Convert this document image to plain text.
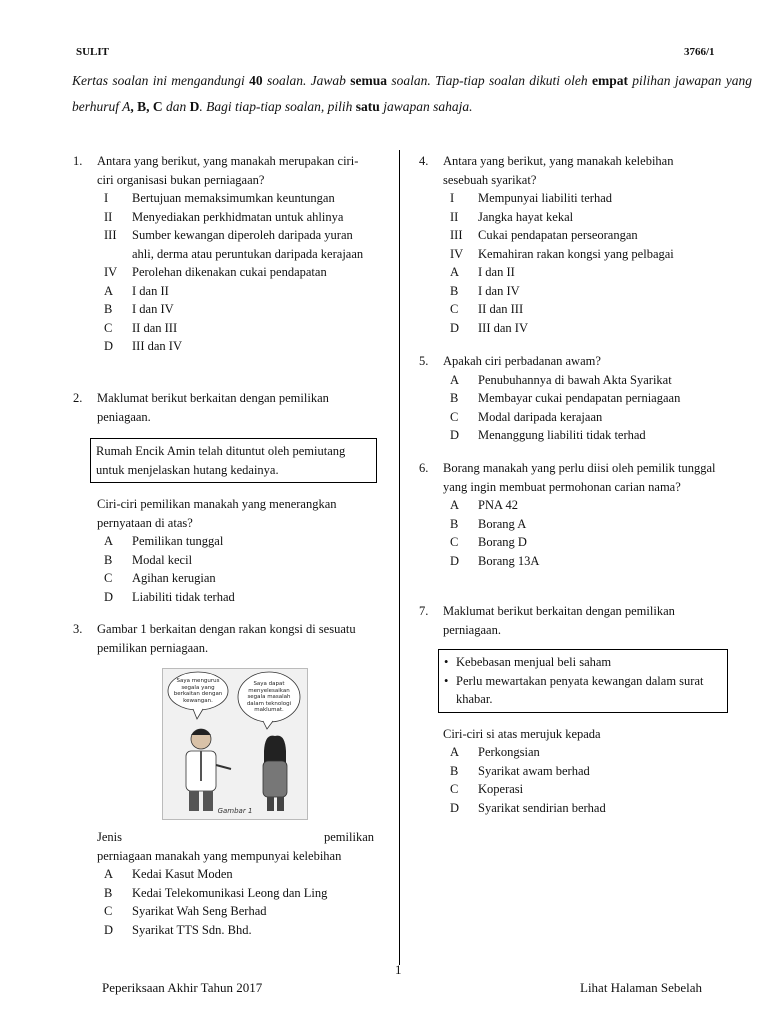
SULIT	3766/1
Kertas soalan ini mengandungi 40 soalan. Jawab semua soalan. Tiap-tiap soalan dikuti oleh empat pilihan jawapan yang berhuruf A, B, C dan D. Bagi tiap-tiap soalan, pilih satu jawapan sahaja.
1. Antara yang berikut, yang manakah merupakan ciri-ciri organisasi bukan perniagaan?
I Bertujuan memaksimumkan keuntungan
II Menyediakan perkhidmatan untuk ahlinya
III Sumber kewangan diperoleh daripada yuran ahli, derma atau peruntukan daripada kerajaan
IV Perolehan dikenakan cukai pendapatan
A I dan II
B I dan IV
C II dan III
D III dan IV
2. Maklumat berikut berkaitan dengan pemilikan peniagaan.
Rumah Encik Amin telah dituntut oleh pemiutang untuk menjelaskan hutang kedainya.
Ciri-ciri pemilikan manakah yang menerangkan pernyataan di atas?
A Pemilikan tunggal
B Modal kecil
C Agihan kerugian
D Liabiliti tidak terhad
3. Gambar 1 berkaitan dengan rakan kongsi di sesuatu pemilikan perniagaan.
Saya mengurus segala yang berkaitan dengan kewangan.
Saya dapat menyelesaikan segala masalah dalam teknologi maklumat.
Gambar 1
Jenis	pemilikan
perniagaan manakah yang mempunyai kelebihan
A Kedai Kasut Moden
B Kedai Telekomunikasi Leong dan Ling
C Syarikat Wah Seng Berhad
D Syarikat TTS Sdn. Bhd.
4. Antara yang berikut, yang manakah kelebihan sesebuah syarikat?
I Mempunyai liabiliti terhad
II Jangka hayat kekal
III Cukai pendapatan perseorangan
IV Kemahiran rakan kongsi yang pelbagai
A I dan II
B I dan IV
C II dan III
D III dan IV
5. Apakah ciri perbadanan awam?
A Penubuhannya di bawah Akta Syarikat
B Membayar cukai pendapatan perniagaan
C Modal daripada kerajaan
D Menanggung liabiliti tidak terhad
6. Borang manakah yang perlu diisi oleh pemilik tunggal yang ingin membuat permohonan carian nama?
A PNA 42
B Borang A
C Borang D
D Borang 13A
7. Maklumat berikut berkaitan dengan pemilikan perniagaan.
• Kebebasan menjual beli saham
• Perlu mewartakan penyata kewangan dalam surat khabar.
Ciri-ciri si atas merujuk kepada
A Perkongsian
B Syarikat awam berhad
C Koperasi
D Syarikat sendirian berhad
1
Peperiksaan Akhir Tahun 2017	Lihat Halaman Sebelah
